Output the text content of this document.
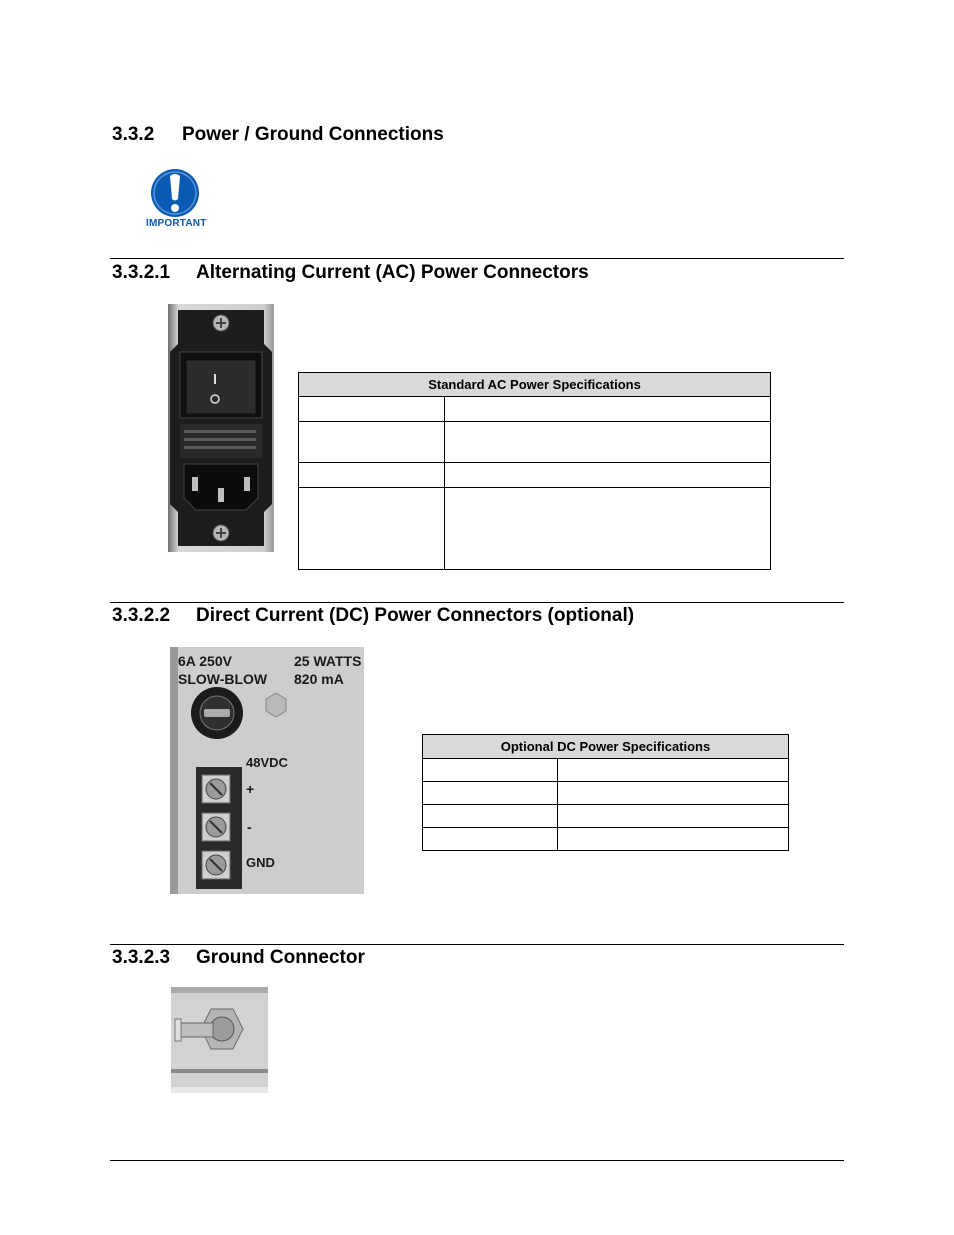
3.3.2 Power / Ground Connections
IMPORTANT
3.3.2.1 Alternating Current (AC) Power Connectors
Standard AC Power Specifications	

3.3.2.2 Direct Current (DC) Power Connectors (optional)
6A 250V
SLOW-BLOW
25 WATTS
820 mA
48VDC
+
-
GND
Optional DC Power Specifications	

3.3.2.3 Ground Connector
